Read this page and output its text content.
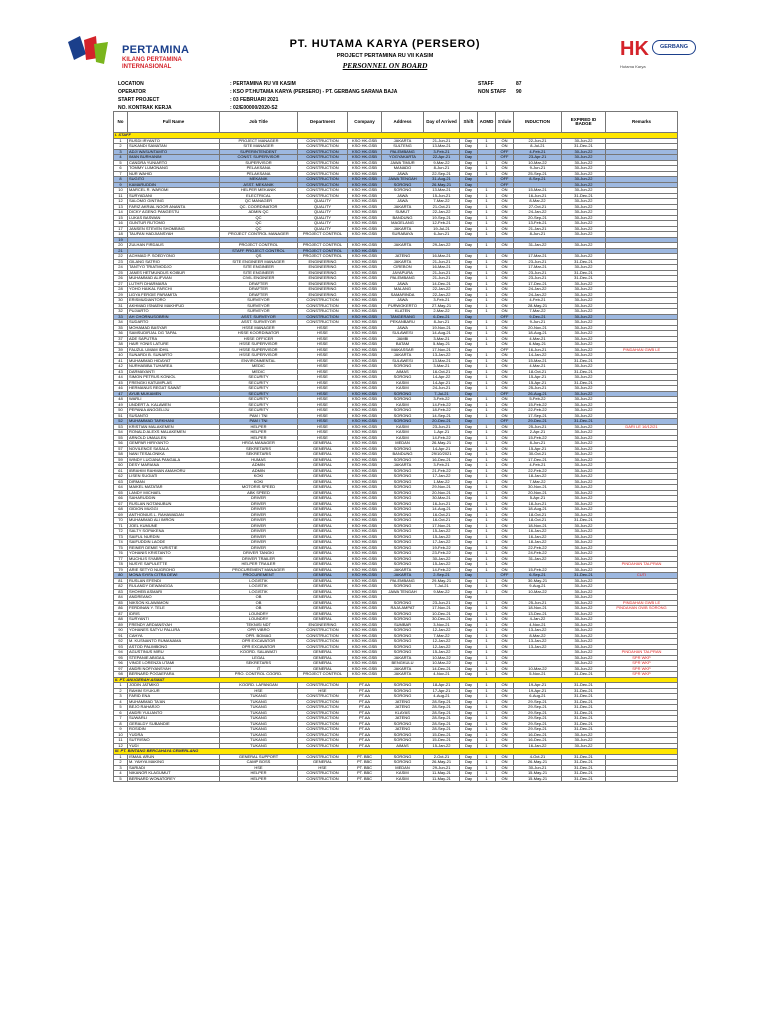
PERTAMINA
KILANG PERTAMINA
INTERNASIONAL
PT. HUTAMA KARYA (PERSERO)
PROJECT PERTAMINA RU VII KASIM
PERSONNEL ON BOARD
HK	GERBANG
Hutama Karya
LOCATION	: PERTAMINA RU VII KASIM
OPERATOR	: KSO PT.HUTAMA KARYA (PERSERO) - PT. GERBANG SARANA BAJA
START PROJECT	: 03 FEBRUARI 2021
NO. KONTRAK KERJA	: 02/E00000/2020-S2
STAFF	87
NON STAFF	90
No	Full Name	Job Title	Department	Company	Address	Day of Arrived	Shift	AOMD	S'dule	INDUCTION	EXPIRED ID BADGE	Remarks
I. STAFF												
1	RUSDI IRYANTO	PROJECT MANAGER	CONSTRUCTION	KSO HK-GSB	JAKARTA	21-Jun-21	Day	1	ON	22-Jun-21	30-Jun-22	
2	SUKANDI SAMATAN	SITE MANAGER	CONSTRUCTION	KSO HK-GSB	SULTENG	13-Mar-21	Day	1	ON	8-Jul-21	31-Dec-21	
3	ADJI WASUNTAMTO	SUPERINTENDENT	CONSTRUCTION	KSO HK-GSB	PALEMBANG	3-Feb-21	Day		OFF	4-Feb-21	30-Jun-22	
4	IMAN BURHANIM	CONST. SUPERVISOR	CONSTRUCTION	KSO HK-GSB	YOGYAKARTA	22-Apr-21	Day		OFF	23-Apr-21	30-Jun-22	
5	CANDRA YUNIARTO	SUPERVISOR	CONSTRUCTION	KSO HK-GSB	JAWA TIMUR	9-Mar-22	Day	1	ON	10-Mar-22	30-Jun-22	
6	TOMMY LUMONANG	PELAKSANA	CONSTRUCTION	KSO HK-GSB	MANADO	8-Jun-21	Day	1	ON	9-Jun-21	30-Jun-22	
7	NUR WAHID	PELAKSANA	CONSTRUCTION	KSO HK-GSB	JAWA	22-Sep-21	Day	1	ON	25-Sep-21	30-Jun-22	
8	SUGITO	MEKANIK	CONSTRUCTION	KSO HK-GSB	JAWA TENGAH	31-Aug-21	Day		OFF	8-Sep-21	30-Jun-22	
9	KAMARUDDIN	ASST. MEKANIK	CONSTRUCTION	KSO HK-GSB	SORONG	26-May-21	Day		OFF		30-Jun-22	
10	MARCEL R. WAROMI	HELPER MEKANIK	CONSTRUCTION	KSO HK-GSB	SORONG	13-Mar-21	Day	1	ON	15-Mar-21	30-Jun-22	
11	SURYADANI	ELECTRICAL	CONSTRUCTION	KSO HK-GSB	JAWA	15-Jun-21	Day	1	ON	16-Jun-21	31-Dec-21	
12	SALOMO GINTING	QC MANAGER	QUALITY	KSO HK-GSB	JAWA	7-Mar-22	Day	1	ON	8-Mar-22	30-Jun-22	
13	FARIZ AKRIAL NOOR ANANTA	QC. COORDINATOR	QUALITY	KSO HK-GSB	JAKARTA	21-Oct-21	Day	1	ON	27-Oct-21	30-Jun-22	
14	DICKY AGENG PANGESTU	ADMIN QC	QUALITY	KSO HK-GSB	SUMUT	22-Jan-22	Day	1	ON	24-Jan-22	30-Jun-22	
15	LUKAS BASWAN	QC	QUALITY	KSO HK-GSB	BANDUNG	19-Sep-21	Day	1	ON	20-Sep-21	30-Jun-22	
16	GUNTUR RUTOMO	QC	QUALITY	KSO HK-GSB	MAGELANG	12-Feb-21	Day	1	ON	13-Feb-21	30-Jun-22	
17	JANSEN STEVEN SHOMBING	QC	QUALITY	KSO HK-GSB	JAKARTA	19-Jul-21	Day	1	ON	21-Jan-21	30-Jun-22	
18	TAUFAN HADJIANSYAH	PROJECT CONTROL MANAGER	PROJECT CONTROL	KSO HK-GSB	SURABAYA	6-Jun-21	Day	1	ON	8-Jun-21	30-Jun-22	
19												
20	ZULHAN FIRDAUS	PROJECT CONTROL	PROJECT CONTROL	KSO HK-GSB	JAKARTA	29-Jan-22	Day	1	ON	31-Jan-22	30-Jun-22	
21		STAFF PROJECT CONTROL	PROJECT CONTROL	KSO HK-GSB								
22	ACHMAD P. SOEDYONO	QS	PROJECT CONTROL	KSO HK-GSB	JATENG	16-Mar-21	Day	1	ON	17-Mar-21	30-Jun-22	
23	GILANG SATRIO	SITE ENGINEER MANAGER	ENGINEERING	KSO HK-GSB	JAKARTA	21-Jun-21	Day	1	ON	23-Jun-21	31-Dec-21	
24	TANTYO TRIATMODJO	SITE ENGINEER	ENGINEERING	KSO HK-GSB	CIREBON	16-Mar-21	Day	1	ON	17-Mar-21	30-Jun-22	
25	JANES HETMUNDUS KOIBUR	SITE ENGINEER	ENGINEERING	KSO HK-GSB	JAYAPURA	21-Jun-21	Day	1	ON	23-Jun-21	31-Dec-21	
26	MUHAMMAD ALIFVIAN	CIVIL ENGINEER	ENGINEERING	KSO HK-GSB	PALEMBANG	21-Jun-21	Day	1	ON	23-Jun-21	31-Dec-21	
27	LUTHFI DHARMARA	DRAFTER	ENGINEERING	KSO HK-GSB	JAWA	14-Dec-21	Day	1	ON	17-Dec-21	30-Jun-22	
28	YOHO HAIKAL FARCHI	DRAFTER	ENGINEERING	KSO HK-GSB	MALANG	22-Jan-22	Day	1	ON	24-Jan-22	30-Jun-22	
29	LIDYA FERGIE PARAMITA	DRAFTER	ENGINEERING	KSO HK-GSB	SAMARINDA	22-Jan-22	Day	1	ON	24-Jan-22	30-Jun-22	
30	ERISMUDIANTORO	SURVEYOR	CONSTRUCTION	KSO HK-GSB	JAWA	3-Feb-21	Day	1	ON	4-Feb-21	30-Jun-22	
31	AKHMAD ISNAENI MAKHFUD	SURVEYOR	CONSTRUCTION	KSO HK-GSB	PURWOKERTO	27-May-21	Day	1	ON	28-May-21	30-Jun-22	
32	PUJIARTO	SURVEYOR	CONSTRUCTION	KSO HK-GSB	KLATEN	2-Mar-22	Day	1	ON	7-Mar-22	30-Jun-22	
33	AH CHORNUSOBRIN	ASST. SURVEYOR	CONSTRUCTION	KSO HK-GSB	TANGERANG	6-Dec-21	Day		OFF	9-Dec-21	30-Jun-22	
34	SUDARTO	ASST. SURVEYOR	CONSTRUCTION	KSO HK-GSB	PEKANBARU	8-Jun-21	Day	1	ON	9-Jun-21	30-Jun-22	
35	MOHAMAD BASYAR	HSSE MANAGER	HSSE	KSO HK-GSB	JAWA	19-Nov-21	Day	1	ON	20-Nov-21	30-Jun-22	
36	SAMSUDIRJAL DG TAPAL	HSSE KOORDINATOR	HSSE	KSO HK-GSB	SULAWESI	14-Aug-21	Day	1	ON	18-Aug-21	30-Jun-22	
37	ADE SAPUTRA	HSSE OFFICER	HSSE	KSO HK-GSB	JAMBI	3-Mar-21	Day	1	ON	4-Mar-21	30-Jun-22	
38	HAIR YONIS LATURE	HSSE SUPERVISOR	HSSE	KSO HK-GSB	BATAM	5-May-21	Day	1	ON	6-May-21	30-Jun-22	
39	FAUZUL UMAM IDHIL	HSSE SUPERVISOR	HSSE	KSO HK-GSB	MAKASSAR	17-Nov-21	Day		OFF	16-Jun-21	30-Jun-22	PINDAHAN GWB LE
40	SUNARDI B. SUNARTO	HSSE SUPERVISOR	HSSE	KSO HK-GSB	JAKARTA	13-Jan-22	Day	1	ON	14-Jan-22	30-Jun-22	
41	MUHAMMAD HIDAYAT	ENVIRONMENTAL	HSSE	KSO HK-GSB	SULAWESI	13-Mar-21	Day	1	ON	15-Mar-21	31-Dec-21	
42	NURHABIBA TUHAREA	MEDIC	HSSE	KSO HK-GSB	SORONG	3-Mar-21	Day	1	ON	4-Mar-21	30-Jun-22	
43	DARMAYANTI	MEDIC	HSSE	KSO HK-GSB	AIMAS	16-Oct-21	Day	1	ON	18-Oct-21	31-Dec-21	
44	SIMON PETRUS KONIOL	SECURITY	HSSE	KSO HK-GSB	SORONG	14-Apr-22	Day	1	ON	15-Apr-21	30-Jun-22	
45	FRENGKI KATUMPLAS	SECURITY	HSSE	KSO HK-GSB	KASIM	14-Apr-21	Day	1	ON	15-Apr-21	31-Dec-21	
46	HERMANUS REGAT SAWAT	SECURITY	HSSE	KSO HK-GSB	KASIM	24-Jun-21	Day	1	ON	25-Jun-21	30-Jun-22	
47	AYUB MUKAMEN	SECURITY	HSSE	KSO HK-GSB	SORONG	7-Jul-21	Day		OFF	26-Aug-21	30-Jun-22	
48	WARLI	SECURITY	HSSE	KSO HK-GSB	SORONG	3-Feb-22	Day	1	ON	5-Feb-22	30-Jun-22	
49	UNDERT A. KALAWEN	SECURITY	HSSE	KSO HK-GSB	KASIM	14-Feb-22	Day	1	ON	15-Feb-22	30-Jun-22	
50	PEPANIA ANGGELIJU	SECURITY	HSSE	KSO HK-GSB	SORONG	18-Feb-22	Day	1	ON	22-Feb-22	30-Jun-22	
51	SUSANTO	PAM / TNI	HSSE	KSO HK-GSB	SORONG	14-Sep-21	Day	1	ON	17-Sep-21	30-Jun-22	
52	MUHAMMAD TARKHANI	PAM / TNI	HSSE	KSO HK-GSB	SORONG	20-Dec-21	Day		OFF	29-Dec-21	31-Dec-21	
53	KRISTIAN MALAKEMEN	HELPER	HSSE	KSO HK-GSB	KASIM	23-Jun-21	Day	1	ON	25-Jun-21	30-Jun-22	DARI LE 16/12/21
54	RONALD ALEXS MALAKEMEN	HELPER	HSSE	KSO HK-GSB	KASIM	1-Apr-21	Day	1	ON	2-Apr-21	30-Jun-22	
55	ARNOLD UMAULEN	HELPER	HSSE	KSO HK-GSB	KASIM	14-Feb-22	Day	1	ON	15-Feb-22	30-Jun-22	
56	GEMPAR HIRIYANTO	HRGA MANAGER	GENERAL	KSO HK-GSB	MEDAN	26-May-21	Day	1	ON	8-Jun-21	30-Jun-22	
57	NOVILENCE SASALA	SEKRETARIS	GENERAL	KSO HK-GSB	SORONG	14-Apr-21	Day	1	ON	15-Apr-21	30-Jun-22	
58	NANI TESALONIKA	SEKRETARIS	GENERAL	KSO HK-GSB	BANDUNG	29/10/2021	Day	1	ON	30-Oct-21	30-Jun-22	
59	WINDY LUCIANA PANGALA	HUMAS	GENERAL	KSO HK-GSB	SORONG	16-Dec-21	Day	1	ON	17-Dec-21	30-Jun-22	
60	DESY MARIANA	ADMIN	GENERAL	KSO HK-GSB	JAKARTA	3-Feb-21	Day	1	ON	4-Feb-21	30-Jun-22	
61	IBRAHIM RAHMAN AMAHORU	ADMIN	GENERAL	KSO HK-GSB	SORONG	21-Feb-22	Day	1	ON	22-Feb-22	30-Jun-22	
62	LISEN SUGIATI	KOKI	GENERAL	KSO HK-GSB	SORONG	17-Jan-22	Day	1	ON	18-Jan-22	30-Jun-22	
63	DIRMAN	KOKI	GENERAL	KSO HK-GSB	SORONG	1-Mar-22	Day	1	ON	7-Mar-22	30-Jun-22	
64	MAIKEL MATATAR	MOTORIS SPEED	GENERAL	KSO HK-GSB	SORONG	29-Nov-21	Day	1	ON	30-Nov-21	30-Jun-22	
65	LANDY MICHAEL	ABK SPEED	GENERAL	KSO HK-GSB	SORONG	20-Nov-21	Day	1	ON	20-Nov-21	30-Jun-22	
66	SAHARUDDIN	DRIVER	GENERAL	KSO HK-GSB	SORONG	30-Mar-21	Day	1	ON	5-Apr-21	30-Jun-22	
67	RUSLAN NOTANUBUN	DRIVER	GENERAL	KSO HK-GSB	SORONG	16-Jun-21	Day	1	ON	18-Jun-21	30-Jun-22	
68	GIDION MUGGI	DRIVER	GENERAL	KSO HK-GSB	SORONG	14-Aug-21	Day	1	ON	18-Aug-21	30-Jun-22	
69	ANTHONIUS L. RAHAWADAN	DRIVER	GENERAL	KSO HK-GSB	SORONG	16-Oct-21	Day	1	ON	18-Oct-21	30-Jun-22	
70	MUHAMMAD ALI IMRON	DRIVER	GENERAL	KSO HK-GSB	SORONG	16-Oct-21	Day	1	ON	18-Oct-21	31-Dec-21	
71	JOEL KUMUNE	DRIVER	GENERAL	KSO HK-GSB	SORONG	17-Nov-21	Day	1	ON	18-Nov-21	30-Jun-22	
72	SALTY SOPAKENA	DRIVER	GENERAL	KSO HK-GSB	SORONG	15-Jan-22	Day	1	ON	16-Jan-22	30-Jun-22	
73	SAIFUL NURDIN	DRIVER	GENERAL	KSO HK-GSB	SORONG	15-Jan-22	Day	1	ON	16-Jan-22	30-Jun-22	
74	SAIFUDDIN LAODE	DRIVER	GENERAL	KSO HK-GSB	SORONG	17-Jan-22	Day	1	ON	18-Jan-22	30-Jun-22	
75	REINER DEMIE YURISTIE	DRIVER	GENERAL	KSO HK-GSB	SORONG	19-Feb-22	Day	1	ON	22-Feb-22	30-Jun-22	
76	YOHANIS KRISTANTO	DRIVER TANGKI	GENERAL	KSO HK-GSB	SORONG	23-Feb-22	Day	1	ON	24-Feb-22	30-Jun-22	
77	MUCHLIS SYABRI	DRIVER TRAILER	GENERAL	KSO HK-GSB	SORONG	30-Jan-22	Day	1	ON	31-Jan-22	30-Jun-22	
78	NUSYE SAPULETTE	HELPER TRAILER	GENERAL	KSO HK-GSB	SORONG	15-Jan-22	Day	1	ON		30-Jun-22	PINDAHAN TALPRAN
79	ARIE SETYO NUGROHO	PROCUREMENT MANAGER	GENERAL	KSO HK-GSB	JAKARTA	14-Feb-22	Day	1	ON	15-Feb-22	30-Jun-22	
80	MONA SYIFA CITRA DEWI	PROCUREMENT	GENERAL	KSO HK-GSB	JAKARTA	2-Sep-21	Day		OFF	6-Sep-21	31-Dec-21	CUTI
81	RUSLAN EFENDI	LOGISTIK	GENERAL	KSO HK-GSB	PALEMBANG	29-May-21	Day	1	ON	30-May-21	30-Jun-22	
82	RULANDY DEWANGGA	LOGISTIK	GENERAL	KSO HK-GSB	SORONG	7-Jul-21	Day	1	ON	9-Aug-21	30-Jun-22	
83	SHOHEB ASMARI	LOGISTIK	GENERAL	KSO HK-GSB	JAWA TENGAH	9-Mar-22	Day	1	ON	10-Mar-22	30-Jun-22	
84	ANDREANO	OB	GENERAL	KSO HK-GSB			Day				30-Jun-22	
85	NIKSON KLAWAMON	OB	GENERAL	KSO HK-GSB	SORONG	23-Jun-21	Day	1	ON	25-Jun-21	30-Jun-22	PINDAHAN GWB LE
86	FERDINAN Y. TELE	OB	GENERAL	KSO HK-GSB	RAJA AMPAT	17-Nov-21	Day	1	ON	18-Nov-21	30-Jun-22	PINDAHAN GWB SORONG
87	IDRIS	LOUNDRY	GENERAL	KSO HK-GSB	SORONG	10-Dec-21	Day	1	ON	13-Dec-21	30-Jun-22	
88	SURYANTI	LOUNDRY	GENERAL	KSO HK-GSB	SORONG	30-Dec-21	Day	1	ON	4-Jan-22	30-Jun-22	
89	FRENDY ARDIANSYAH	TEKNISI NDT	ENGINEERING	KSO HK-GSB	SUMBAR	3-Nov-21	Day	1	ON	4-Nov-21	30-Jun-22	
90	YOHANES SATYU PALLIRA	OPR VIBRO	CONSTRUCTION	KSO HK-GSB	SORONG	12-Jan-22	Day	1	ON	13-Jan-22	30-Jun-22	
91	CAHYA	OPR. BOMAG	CONSTRUCTION	KSO HK-GSB	SORONG	7-Mar-22	Day	1	ON	8-Mar-22	30-Jun-22	
92	M. KUSNANTO RUMANAMA	OPR EXCAVATOR	CONSTRUCTION	KSO HK-GSB	SORONG	12-Jan-22	Day	1	ON	13-Jan-22	30-Jun-22	
93	ASTOD PALIMBONG	OPR EXCAVATOR	CONSTRUCTION	KSO HK-GSB	SORONG	12-Jan-22	Day	1	ON	13-Jan-22	30-Jun-22	
94	AGUSTINUS MIRU	KOORD. SALAWATI	GENERAL	KSO HK-GSB	SORONG	15-Jan-22	Day	1	ON		30-Jun-22	PINDAHAN TALPRAN
95	STEPANIE ABIGAIL	LEGAL	GENERAL	KSO HK-GSB	JAKARTA	10-Mar-22	Day	1	ON		30-Jun-22	SPR WKP
96	VINCE LORENZA UTAMI	SEKRETARIS	GENERAL	KSO HK-GSB	BENGKULU	10-Mar-22	Day	1	ON		30-Jun-22	SPR WKP
97	ANDRI NOFIYANSYAH	IT	GENERAL	KSO HK-GSB	JAKARTA	14-Dec-21	Day	1	ON	10-Mar-22	30-Jun-22	SPR WKP
98	BERNARD POGAEFARA	PRO. CONTROL COORD.	PROJECT CONTROL	KSO HK-GSB	JAKARTA	4-Nov-21	Day	1	ON	5-Nov-21	31-Dec-21	SPR WKP
II. PT. ANUGERAH ASMAT												
1	JODIN JATMIKO	KOORD. LAPANGAN	CONSTRUCTION	PT.AA	SORONG	18-Apr-21	Day	1	ON	19-Apr-21	31-Dec-21	
2	RAHIM SYUKUR	HSE	HSE	PT.AA	SORONG	17-Apr-21	Day	1	ON	19-Apr-21	31-Dec-21	
3	FARID ENA	TUKANG	CONSTRUCTION	PT.AA	SORONG	4-Aug-21	Day	1	ON	6-Aug-21	31-Dec-21	
4	MUHAMMAD TA'AN	TUKANG	CONSTRUCTION	PT.AA	JATENG	28-Sep-21	Day	1	ON	29-Sep-21	31-Dec-21	
5	BEJO RAHARJO	TUKANG	CONSTRUCTION	PT.AA	JATENG	28-Sep-21	Day	1	ON	29-Sep-21	31-Dec-21	
6	ANDRI YULIANTO	TUKANG	CONSTRUCTION	PT.AA	KLAYAS	28-Sep-21	Day	1	ON	29-Sep-21	31-Dec-21	
7	SUWARLI	TUKANG	CONSTRUCTION	PT.AA	JATENG	28-Sep-21	Day	1	ON	29-Sep-21	31-Dec-21	
8	GERALDY SUBANDIE	TUKANG	CONSTRUCTION	PT.AA	SORONG	28-Sep-21	Day	1	ON	29-Sep-21	31-Dec-21	
9	ROSIDIN	TUKANG	CONSTRUCTION	PT.AA	JATENG	28-Sep-21	Day	1	ON	29-Sep-21	31-Dec-21	
10	YUDRA	TUKANG	CONSTRUCTION	PT.AA	SORONG	15-Dec-21	Day	1	ON	16-Dec-21	30-Jun-22	
11	SUTRISNO	TUKANG	CONSTRUCTION	PT.AA	SORONG	15-Dec-21	Day	1	ON	16-Dec-21	30-Jun-22	
12	YUDI	TUKANG	CONSTRUCTION	PT.AA	AIMAS	15-Jan-22	Day	1	ON	16-Jan-22	30-Jun-22	
III. PT. BINTANG BERCAHAYA CEMERLANG												
1	ISMAIL ARUN	GENERAL SUPPORT	CONSTRUCTION	PT. BBC	SORONG	2-Oct-21	Day	1	ON	4-Oct-21	31-Dec-21	
2	M. YAHYA MAKING	CAMP BOSS	GENERAL	PT. BBC	SORONG	26-May-21	Day	1	ON	26-May-21	31-Dec-21	
3	SARIADI	HSE	HSE	PT. BBC	MEDAN	29-Jun-21	Day	1	ON	30-Jun-21	31-Dec-21	
4	NIKANOR KLAGUMUT	HELPER	CONSTRUCTION	PT. BBC	KASIM	11-May-21	Day	1	ON	15-May-21	31-Dec-21	
5	BERNARD WONATOREY	HELPER	CONSTRUCTION	PT. BBC	KASIM	11-May-21	Day	1	ON	15-May-21	31-Dec-21	
